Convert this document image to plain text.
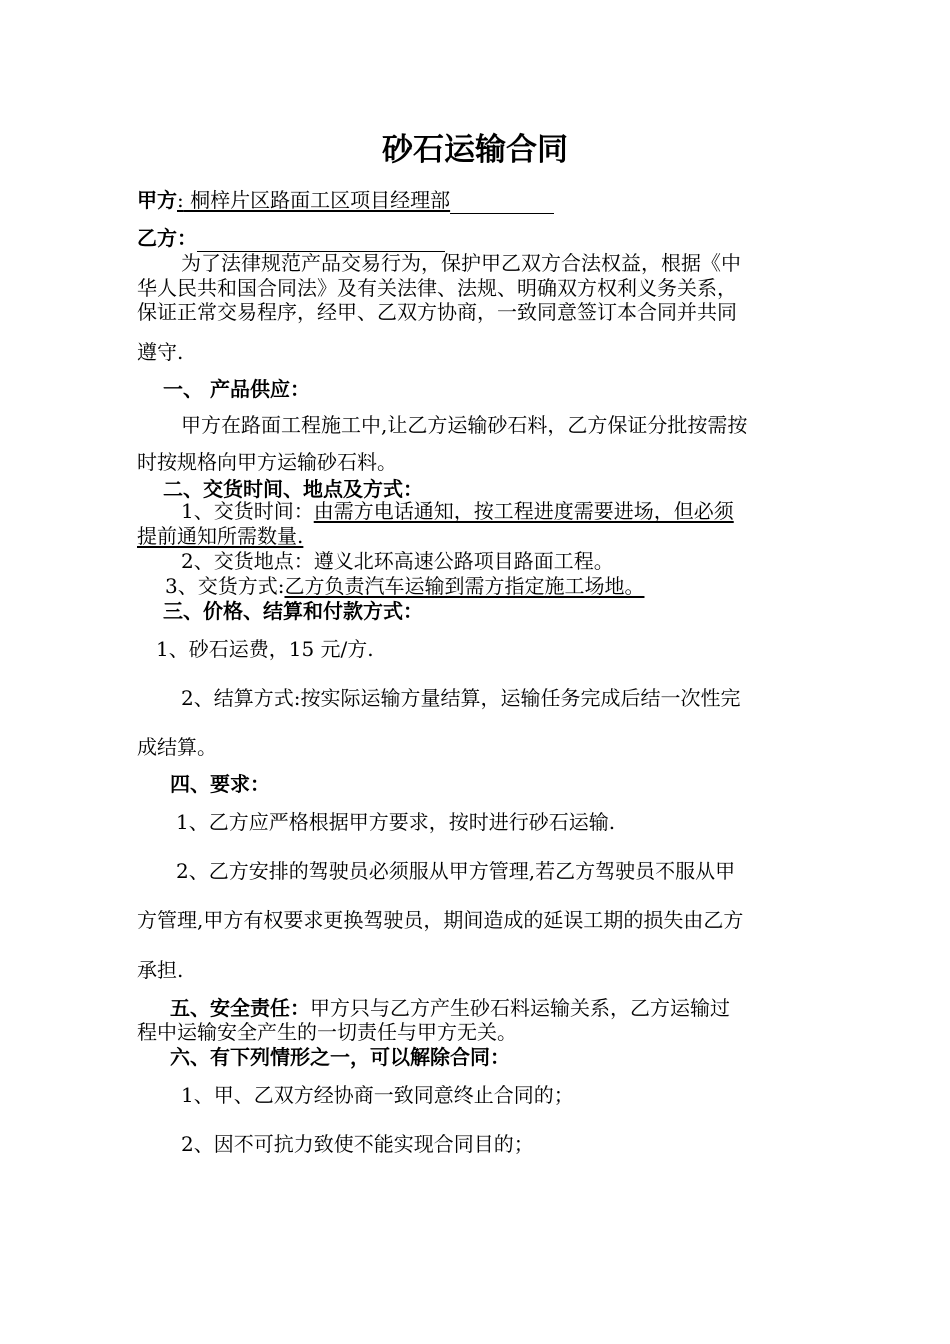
砂石运输合同
甲方: 桐梓片区路面工区项目经理部
乙方：
为了法律规范产品交易行为，保护甲乙双方合法权益，根据《中
华人民共和国合同法》及有关法律、法规、明确双方权利义务关系，
保证正常交易程序，经甲、乙双方协商，一致同意签订本合同并共同
遵守.
一、 产品供应：
甲方在路面工程施工中,让乙方运输砂石料，乙方保证分批按需按
时按规格向甲方运输砂石料。
二、交货时间、地点及方式：
1、交货时间：由需方电话通知，按工程进度需要进场，但必须
提前通知所需数量.
2、交货地点：遵义北环高速公路项目路面工程。
3、交货方式:乙方负责汽车运输到需方指定施工场地。
三、价格、结算和付款方式：
1、砂石运费，15 元/方.
2、结算方式:按实际运输方量结算，运输任务完成后结一次性完
成结算。
四、要求：
1、乙方应严格根据甲方要求，按时进行砂石运输.
2、乙方安排的驾驶员必须服从甲方管理,若乙方驾驶员不服从甲
方管理,甲方有权要求更换驾驶员，期间造成的延误工期的损失由乙方
承担.
五、安全责任：甲方只与乙方产生砂石料运输关系，乙方运输过
程中运输安全产生的一切责任与甲方无关。
六、有下列情形之一，可以解除合同：
1、甲、乙双方经协商一致同意终止合同的；
2、因不可抗力致使不能实现合同目的；
